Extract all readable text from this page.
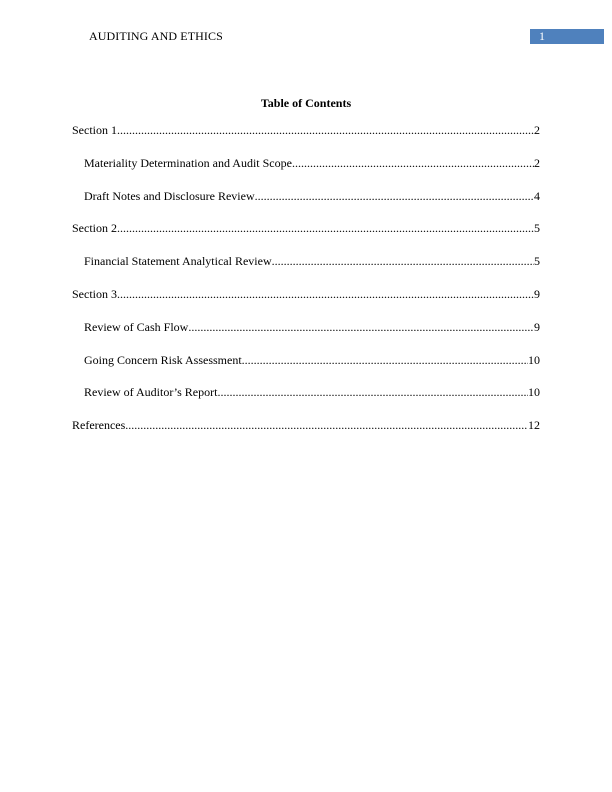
AUDITING AND ETHICS	1
Table of Contents
Section 1 .....	2
Materiality Determination and Audit Scope .....	2
Draft Notes and Disclosure Review .....	4
Section 2 .....	5
Financial Statement Analytical Review .....	5
Section 3 .....	9
Review of Cash Flow .....	9
Going Concern Risk Assessment .....	10
Review of Auditor’s Report .....	10
References .....	12
